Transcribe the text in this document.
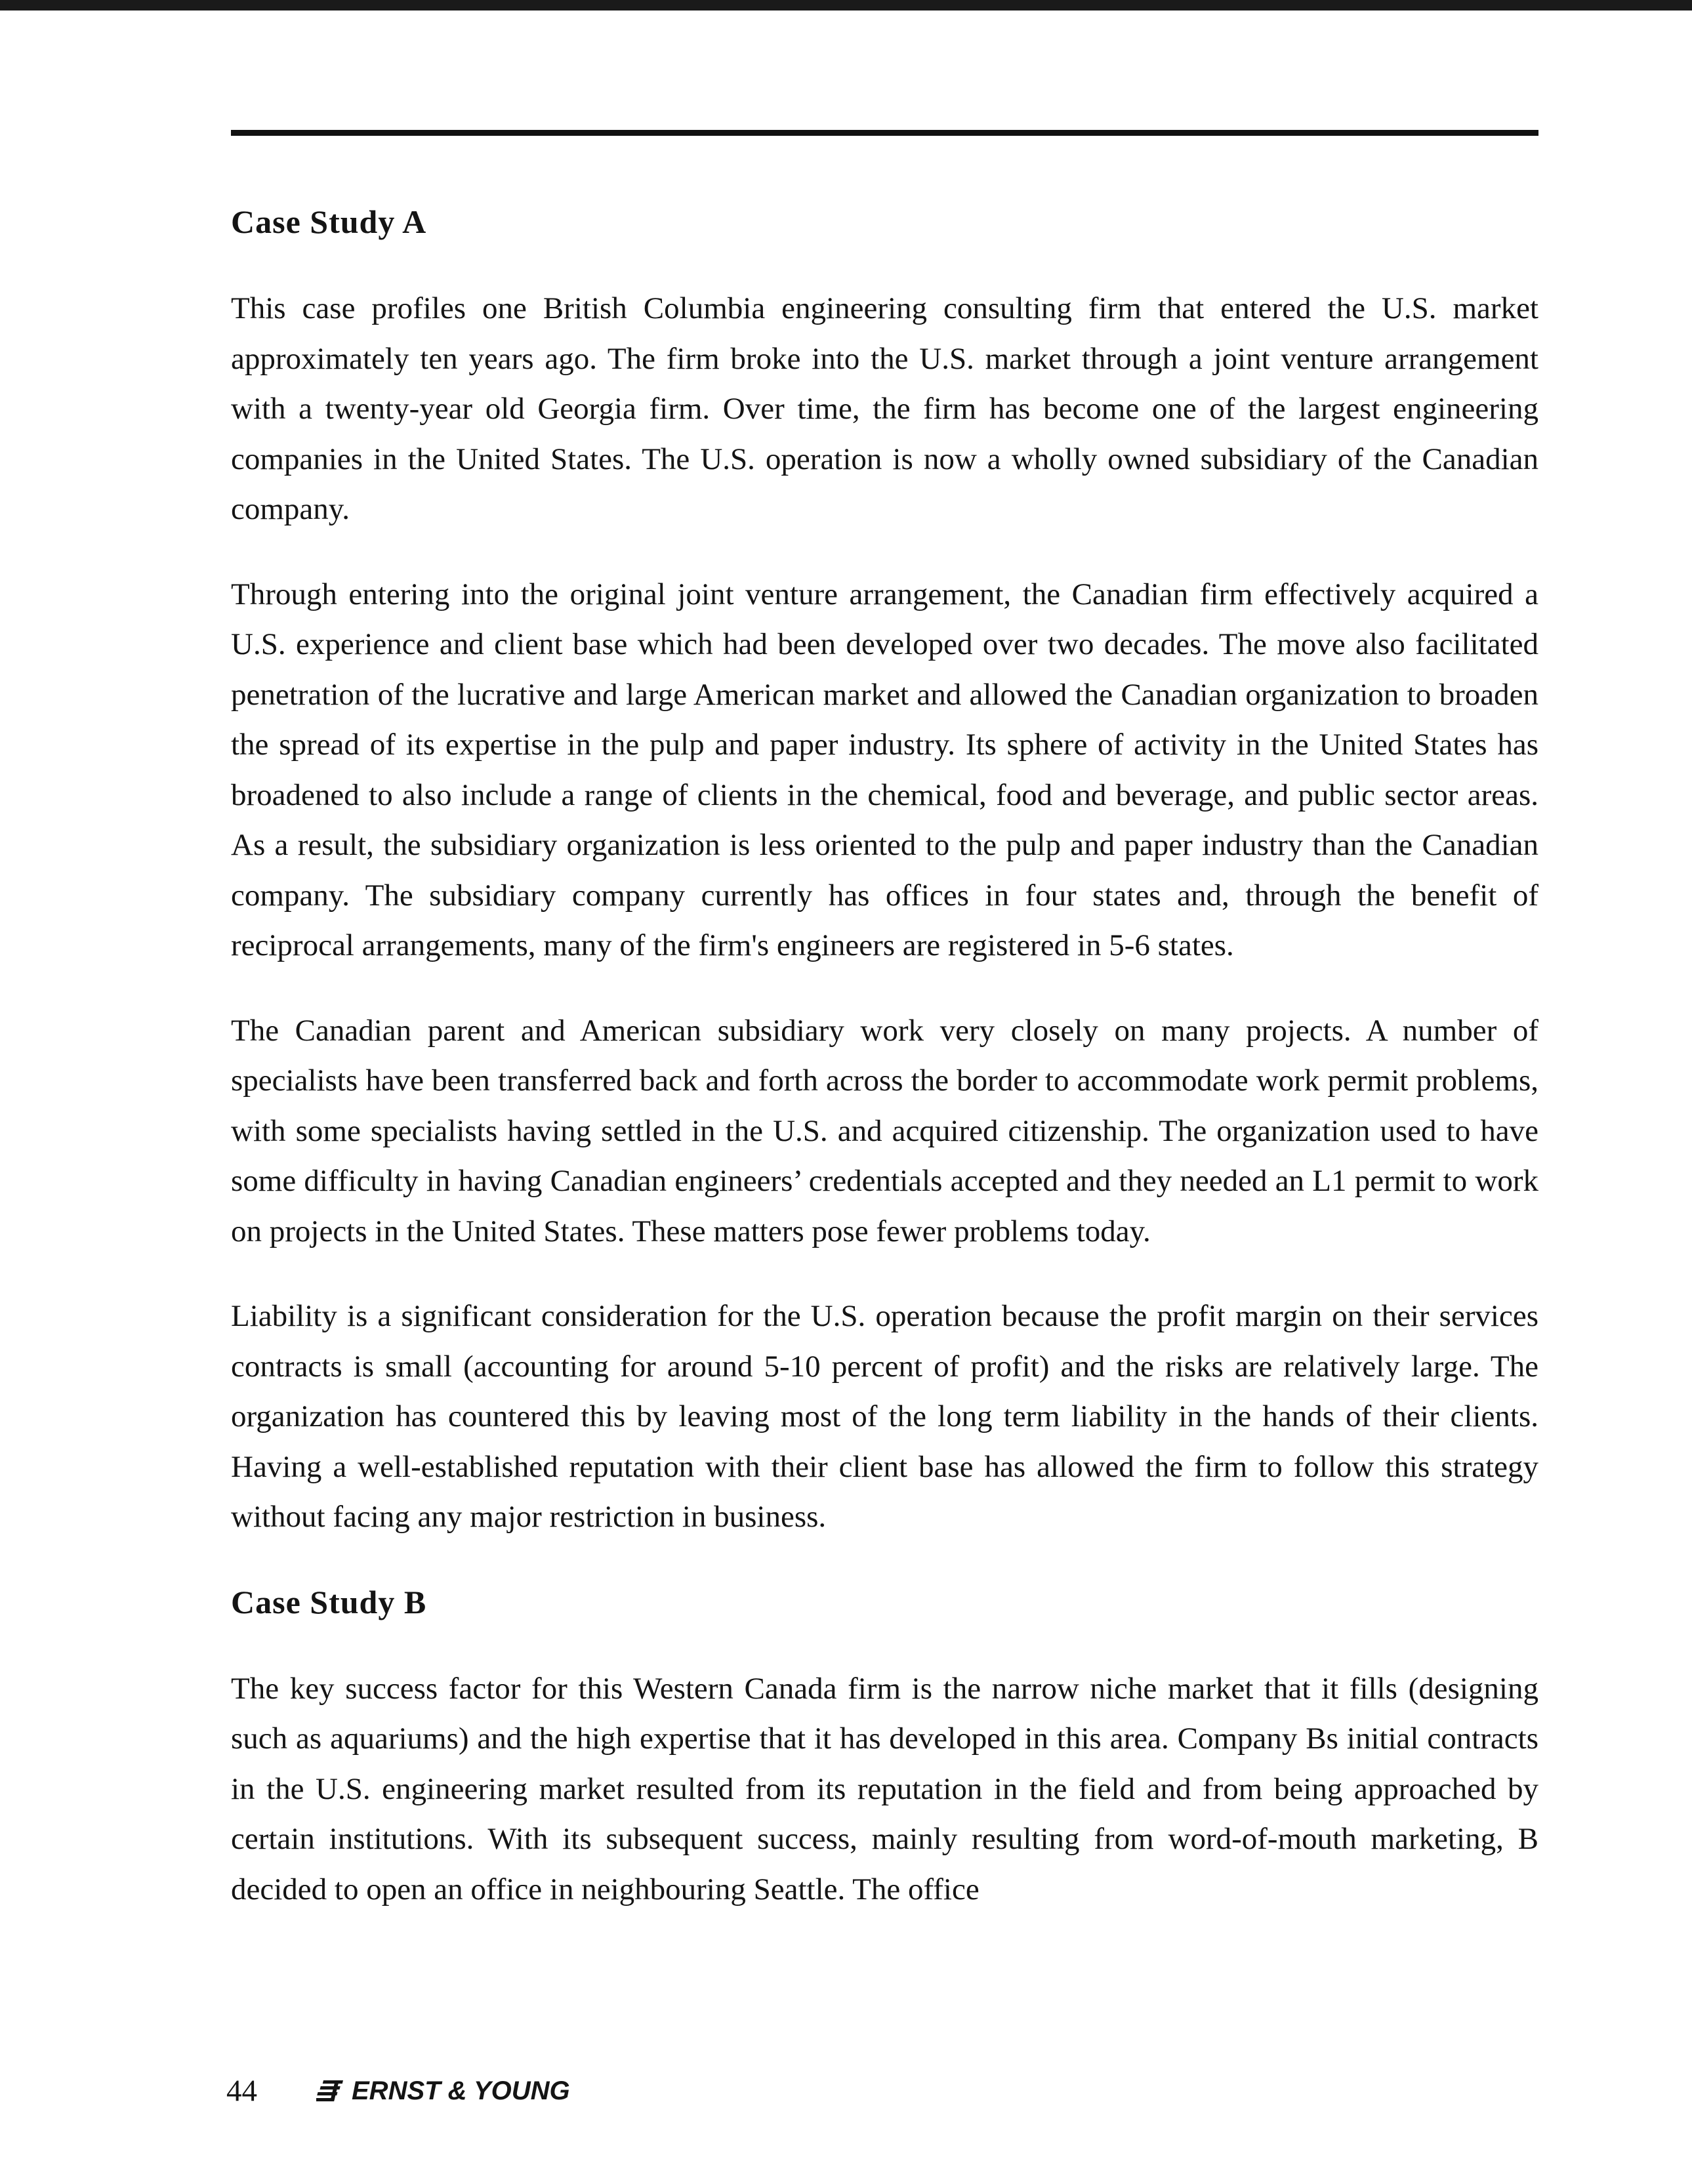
Case Study A

This case profiles one British Columbia engineering consulting firm that entered the U.S. market approximately ten years ago. The firm broke into the U.S. market through a joint venture arrangement with a twenty-year old Georgia firm. Over time, the firm has become one of the largest engineering companies in the United States. The U.S. operation is now a wholly owned subsidiary of the Canadian company.

Through entering into the original joint venture arrangement, the Canadian firm effectively acquired a U.S. experience and client base which had been developed over two decades. The move also facilitated penetration of the lucrative and large American market and allowed the Canadian organization to broaden the spread of its expertise in the pulp and paper industry. Its sphere of activity in the United States has broadened to also include a range of clients in the chemical, food and beverage, and public sector areas. As a result, the subsidiary organization is less oriented to the pulp and paper industry than the Canadian company. The subsidiary company currently has offices in four states and, through the benefit of reciprocal arrangements, many of the firm's engineers are registered in 5-6 states.

The Canadian parent and American subsidiary work very closely on many projects. A number of specialists have been transferred back and forth across the border to accommodate work permit problems, with some specialists having settled in the U.S. and acquired citizenship. The organization used to have some difficulty in having Canadian engineers’ credentials accepted and they needed an L1 permit to work on projects in the United States. These matters pose fewer problems today.

Liability is a significant consideration for the U.S. operation because the profit margin on their services contracts is small (accounting for around 5-10 percent of profit) and the risks are relatively large. The organization has countered this by leaving most of the long term liability in the hands of their clients. Having a well-established reputation with their client base has allowed the firm to follow this strategy without facing any major restriction in business.

Case Study B

The key success factor for this Western Canada firm is the narrow niche market that it fills (designing such as aquariums) and the high expertise that it has developed in this area. Company Bs initial contracts in the U.S. engineering market resulted from its reputation in the field and from being approached by certain institutions. With its subsequent success, mainly resulting from word-of-mouth marketing, B decided to open an office in neighbouring Seattle. The office

44	ERNST & YOUNG
